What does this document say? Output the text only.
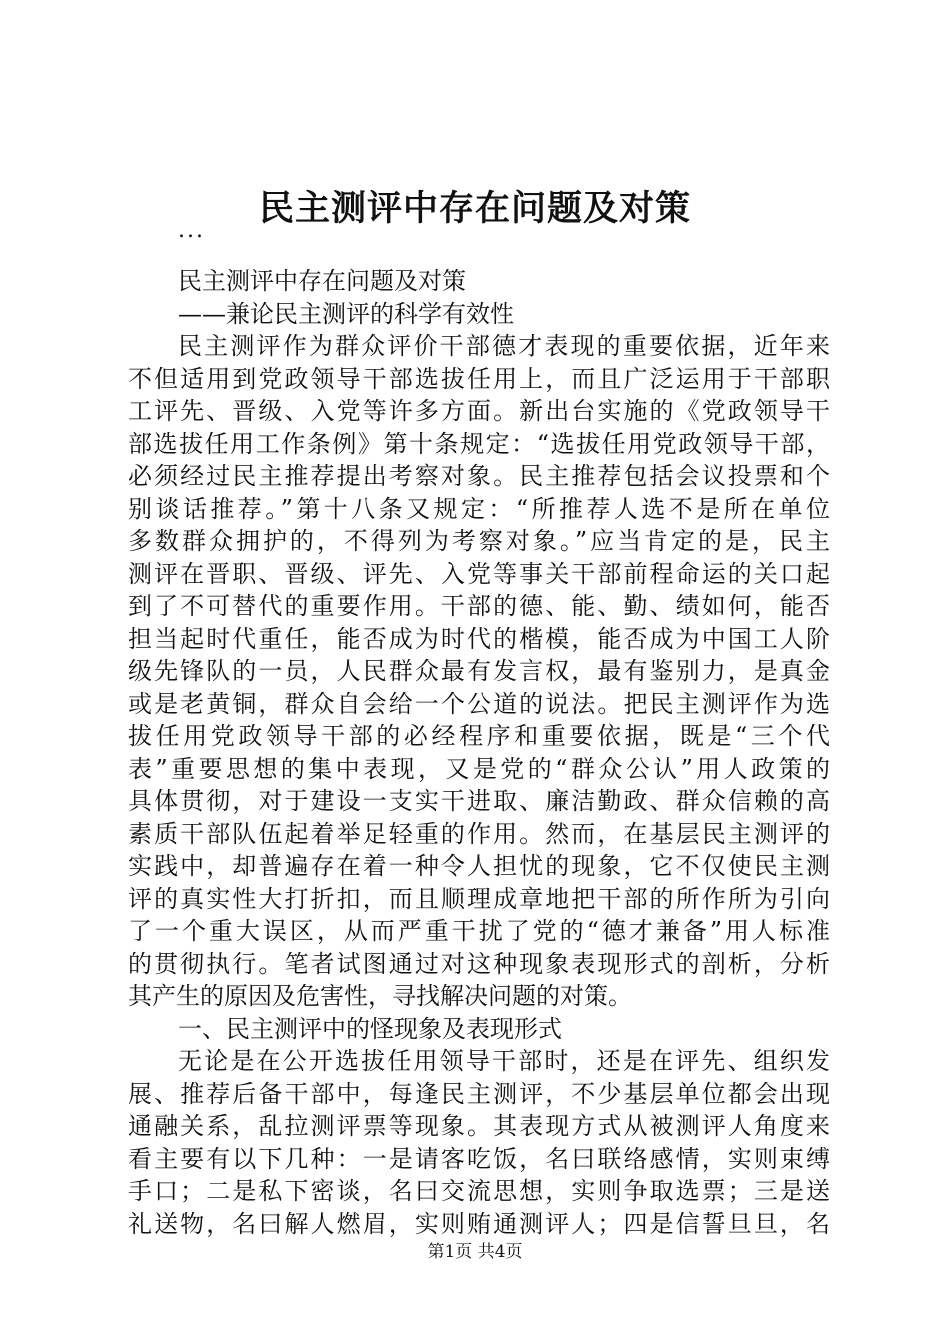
民主测评中存在问题及对策
...
民主测评中存在问题及对策
——兼论民主测评的科学有效性
民主测评作为群众评价干部德才表现的重要依据，近年来
不但适用到党政领导干部选拔任用上，而且广泛运用于干部职
工评先、晋级、入党等许多方面。新出台实施的《党政领导干
部选拔任用工作条例》第十条规定：“选拔任用党政领导干部，
必须经过民主推荐提出考察对象。民主推荐包括会议投票和个
别谈话推荐。”第十八条又规定：“所推荐人选不是所在单位
多数群众拥护的，不得列为考察对象。”应当肯定的是，民主
测评在晋职、晋级、评先、入党等事关干部前程命运的关口起
到了不可替代的重要作用。干部的德、能、勤、绩如何，能否
担当起时代重任，能否成为时代的楷模，能否成为中国工人阶
级先锋队的一员，人民群众最有发言权，最有鉴别力，是真金
或是老黄铜，群众自会给一个公道的说法。把民主测评作为选
拔任用党政领导干部的必经程序和重要依据，既是“三个代
表”重要思想的集中表现，又是党的“群众公认”用人政策的
具体贯彻，对于建设一支实干进取、廉洁勤政、群众信赖的高
素质干部队伍起着举足轻重的作用。然而，在基层民主测评的
实践中，却普遍存在着一种令人担忧的现象，它不仅使民主测
评的真实性大打折扣，而且顺理成章地把干部的所作所为引向
了一个重大误区，从而严重干扰了党的“德才兼备”用人标准
的贯彻执行。笔者试图通过对这种现象表现形式的剖析，分析
其产生的原因及危害性，寻找解决问题的对策。
一、民主测评中的怪现象及表现形式
无论是在公开选拔任用领导干部时，还是在评先、组织发
展、推荐后备干部中，每逢民主测评，不少基层单位都会出现
通融关系，乱拉测评票等现象。其表现方式从被测评人角度来
看主要有以下几种：一是请客吃饭，名曰联络感情，实则束缚
手口；二是私下密谈，名曰交流思想，实则争取选票；三是送
礼送物，名曰解人燃眉，实则贿通测评人；四是信誓旦旦，名
第1页 共4页
